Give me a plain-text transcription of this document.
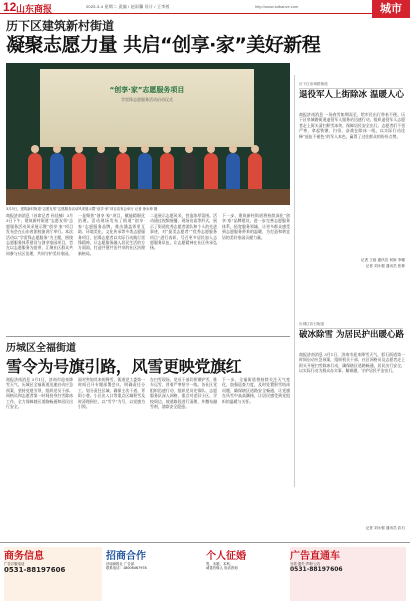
12 山东商报	2025.3.4 星期二 责编 / 赵雨馨 设计 / 王李茜	http://www.sdbanve.com	城市
历下区建筑新村街道
凝聚志愿力量 共启“创享·家”美好新程
“创享·家”志愿服务项目
学雷锋志愿服务活动启动仪式
3月3日，建筑新村街道“志愿友邻”志愿服务活动风采展示暨“创享·家”项目宣布会举行 记者 徐永坤 摄
商报济南消息（首席记者 孙佳楠）3月3日下午，建筑新村街道“志愿友邻”志愿服务活动风采展示暨“创享·家”项目发布会在山东省团校演讲厅举行。本次活动以“学雷锋志愿服务”为主题，围绕志愿服务体系建设与创享家园项目，旨在以志愿服务为纽带，汇聚社区群众共同参与社区治理，共同守护美好家园。
一是聚焦“创享·家”项目，赋能精细化治理。活动现场发布了街道“创享·家”志愿服务品牌，推出涵盖邻里互助、环境美化、文化传承等多类志愿服务项目，招募志愿者以实际行动践行雷锋精神，让志愿服务融入居民生活的方方面面，打造共建共治共享的社区治理新格局。
二是展示志愿风采，营造浓厚氛围。活动通过视频展播、现场访谈等形式，展示了街道优秀志愿者团队和个人的先进事迹，对“最美志愿者”“优秀志愿服务项目”进行表彰，号召更多居民加入志愿服务队伍，让志愿精神在社区传承弘扬。
下一步，建筑新村街道将持续深化“创享·家”品牌建设，进一步完善志愿服务体系，拓宽服务领域，让更多群众感受到志愿服务带来的温暖，为打造和谐宜居的美好家园贡献力量。
历下区泉城路街道
退役军人上街除冰 温暖人心
商报济南消息 一场春雪如期而至，给市民出行带来不便。历下区泉城路街道退役军人服务站迅速行动，组织退役军人志愿者走上街头清扫积雪冰块，保障居民安全出行。志愿者们不畏严寒，拿起铁锹、扫帚，奋战在除冰一线，以实际行动诠释“退伍不褪色”的军人本色，赢得了过往群众的纷纷点赞。
记者 王晗 通讯员 何娇 李娜
记者 刘永强 通讯员 张林
历城区彩石街道
破冰除雪 为居民护出暖心路
商报济南消息 3月1日，济南市迎来降雪天气，彩石街道第一时间启动应急预案，组织机关干部、社区网格员及志愿者走上街头开展扫雪除冰行动，确保辖区道路畅通、居民出行安全，以实际行动为群众办实事、解难题，守护居民平安出行。
记者 刘永强 通讯员 彩石
历城区全福街道
雪令为号旗引路，风雪更映党旗红
商报济南消息 3月1日，济南市迎来降雪天气，历城区全福街道迅速启动应急预案，坚持党建引领，组织党员干部、网格员和志愿者第一时间投身扫雪除冰工作，全力保障辖区道路畅通和居民出行安全。
面对突如其来的降雪，街道党工委第一时间召开专题部署会议，明确责任分工，划分责任区域，确保主次干道、背街小巷、小区出入口等重点区域积雪及时清理到位，以“雪令”为号，以党旗为引领。
在扫雪现场，党员干部们挥锹铲雪、推车运雪，冒着严寒坚守一线。各社区党组织迅速行动，组织党员先锋队、志愿服务队深入网格，重点对老旧小区、学校周边、坡道路段进行清理，并撒布融雪剂，消除安全隐患。
下一步，全福街道将持续关注天气变化，加强巡查力度，及时处置积雪结冰问题，确保辖区道路安全畅通，让党旗在风雪中高高飘扬，让居民感受到党组织的温暖与关怀。
商务信息
广告订版电话
0531-88197606
招商合作
济南商报社 广告部
联系电话：18006467978
个人征婚
男，未婚，本科，
诚觅有缘人 电话咨询
广告直通车
分类·遗失·声明·公告
0531-88197606
